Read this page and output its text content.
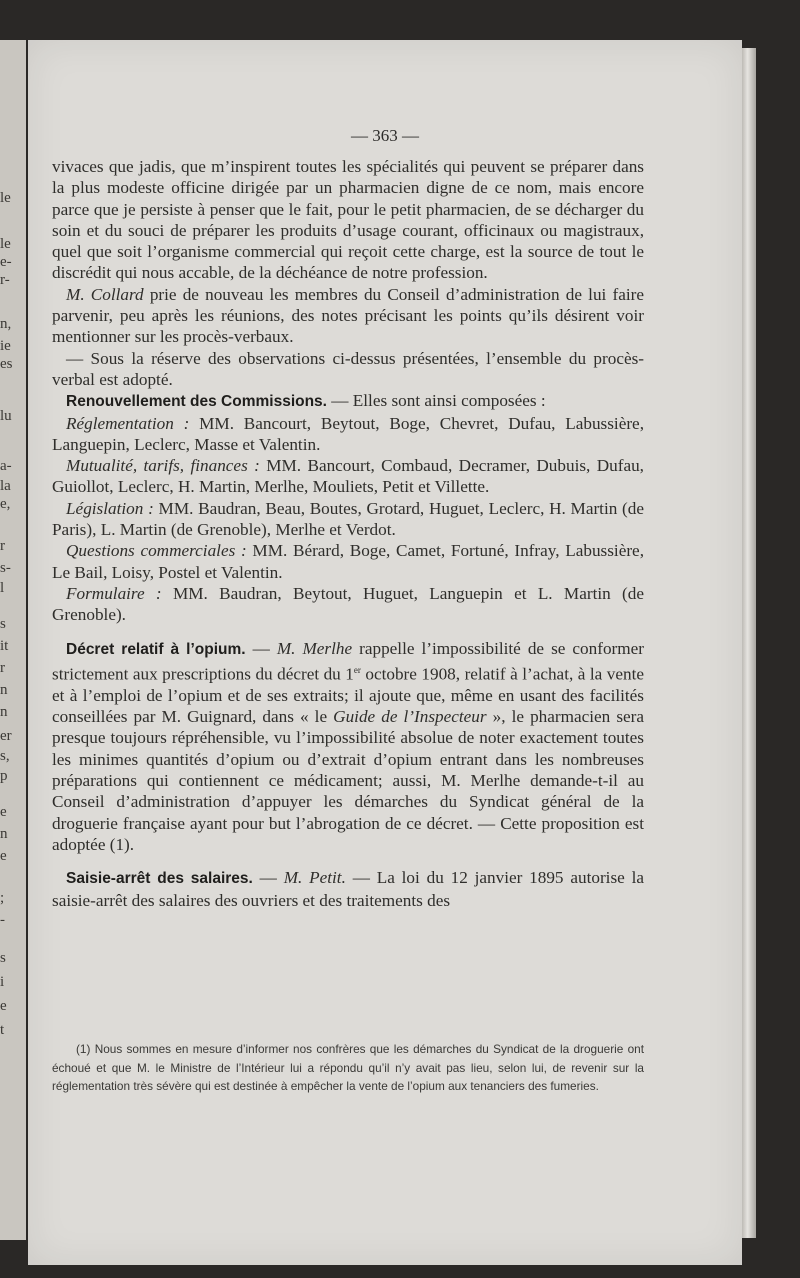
le
le
e-
r-
n,
ie
es
lu
a-
la
e,
r
s-
l
s
it
r
n
n
er
s,
p
e
n
e
;
-
s
i
e
t
— 363 —

vivaces que jadis, que m’inspirent toutes les spécialités qui peuvent se préparer dans la plus modeste officine dirigée par un pharmacien digne de ce nom, mais encore parce que je persiste à penser que le fait, pour le petit pharmacien, de se décharger du soin et du souci de préparer les produits d’usage courant, officinaux ou magistraux, quel que soit l’organisme commercial qui reçoit cette charge, est la source de tout le discrédit qui nous accable, de la déchéance de notre profession.

M. Collard prie de nouveau les membres du Conseil d’administration de lui faire parvenir, peu après les réunions, des notes précisant les points qu’ils désirent voir mentionner sur les procès-verbaux.

— Sous la réserve des observations ci-dessus présentées, l’ensemble du procès-verbal est adopté.

Renouvellement des Commissions. — Elles sont ainsi composées :

Réglementation : MM. Bancourt, Beytout, Boge, Chevret, Dufau, Labussière, Languepin, Leclerc, Masse et Valentin.

Mutualité, tarifs, finances : MM. Bancourt, Combaud, Decramer, Dubuis, Dufau, Guiollot, Leclerc, H. Martin, Merlhe, Mouliets, Petit et Villette.

Législation : MM. Baudran, Beau, Boutes, Grotard, Huguet, Leclerc, H. Martin (de Paris), L. Martin (de Grenoble), Merlhe et Verdot.

Questions commerciales : MM. Bérard, Boge, Camet, Fortuné, Infray, Labussière, Le Bail, Loisy, Postel et Valentin.

Formulaire : MM. Baudran, Beytout, Huguet, Languepin et L. Martin (de Grenoble).

Décret relatif à l’opium. — M. Merlhe rappelle l’impossibilité de se conformer strictement aux prescriptions du décret du 1er octobre 1908, relatif à l’achat, à la vente et à l’emploi de l’opium et de ses extraits; il ajoute que, même en usant des facilités conseillées par M. Guignard, dans « le Guide de l’Inspecteur », le pharmacien sera presque toujours répréhensible, vu l’impossibilité absolue de noter exactement toutes les minimes quantités d’opium ou d’extrait d’opium entrant dans les nombreuses préparations qui contiennent ce médicament; aussi, M. Merlhe demande-t-il au Conseil d’administration d’appuyer les démarches du Syndicat général de la droguerie française ayant pour but l’abrogation de ce décret. — Cette proposition est adoptée (1).

Saisie-arrêt des salaires. — M. Petit. — La loi du 12 janvier 1895 autorise la saisie-arrêt des salaires des ouvriers et des traitements des

(1) Nous sommes en mesure d’informer nos confrères que les démarches du Syndicat de la droguerie ont échoué et que M. le Ministre de l’Intérieur lui a répondu qu’il n’y avait pas lieu, selon lui, de revenir sur la réglementation très sévère qui est destinée à empêcher la vente de l’opium aux tenanciers des fumeries.
